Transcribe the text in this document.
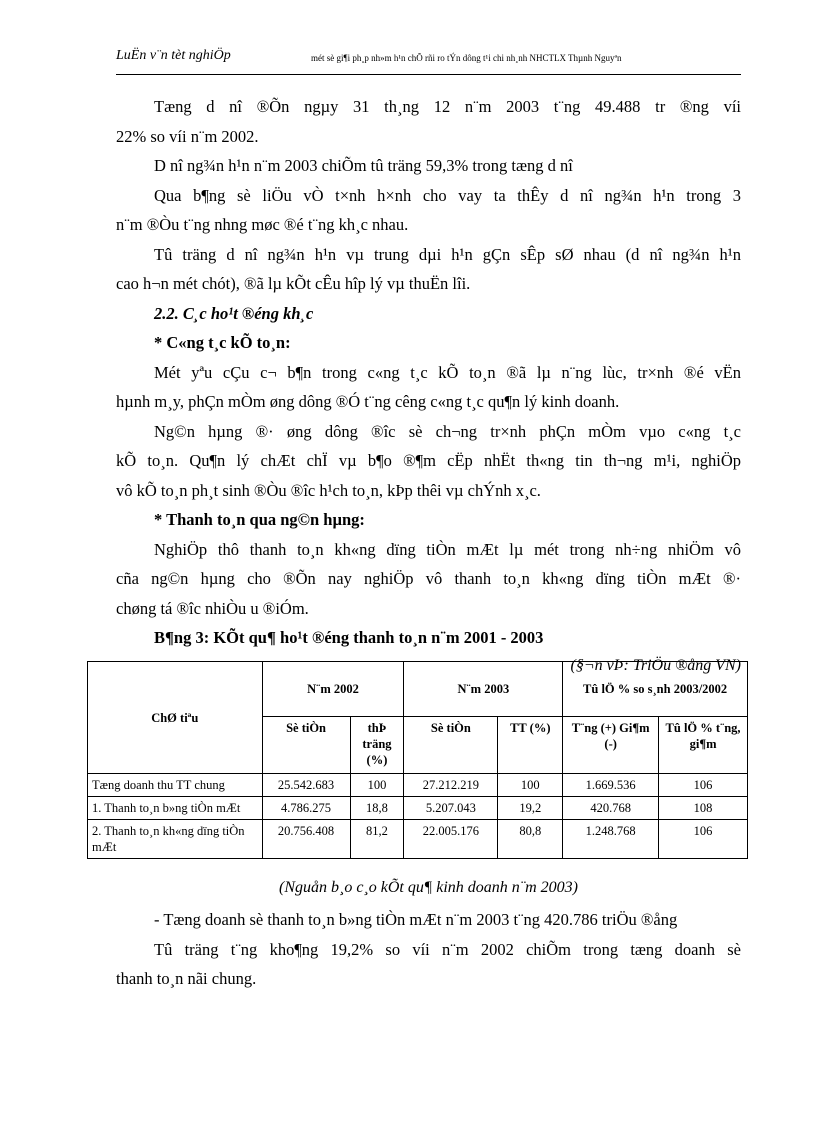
LuËn v¨n tèt nghiÖp	mét sè gi¶i ph¸p nh»m h¹n chÕ rñi ro tÝn dông t¹i chi nh¸nh NHCTLX Thµnh Nguyªn

Tæng d nî ®Õn ngµy 31 th¸ng 12 n¨m 2003 t¨ng 49.488 tr ®ng víi

22% so víi n¨m 2002.

D nî ng¾n h¹n n¨m 2003 chiÕm tû träng 59,3% trong tæng d nî

Qua b¶ng sè liÖu vÒ t×nh h×nh cho vay ta thÊy d nî ng¾n h¹n trong 3

n¨m ®Òu t¨ng nhng møc ®é t¨ng kh¸c nhau.

Tû träng d nî ng¾n h¹n vµ trung dµi h¹n gÇn sÊp sØ nhau (d nî ng¾n h¹n

cao h¬n mét chót), ®ã lµ kÕt cÊu hîp lý vµ thuËn lîi.

2.2. C¸c ho¹t ®éng kh¸c

* C«ng t¸c kÕ to¸n:

Mét yªu cÇu c¬ b¶n trong c«ng t¸c kÕ to¸n ®ã lµ n¨ng lùc, tr×nh ®é vËn

hµnh m¸y, phÇn mÒm øng dông ®Ó t¨ng cêng c«ng t¸c qu¶n lý kinh doanh.

Ng©n hµng ®· øng dông ®îc sè ch¬ng tr×nh phÇn mÒm vµo c«ng t¸c

kÕ to¸n. Qu¶n lý chÆt chÏ vµ b¶o ®¶m cËp nhËt th«ng tin th¬ng m¹i, nghiÖp

vô kÕ to¸n ph¸t sinh ®Òu ®îc h¹ch to¸n, kÞp thêi vµ chÝnh x¸c.

* Thanh to¸n qua ng©n hµng:

NghiÖp thô thanh to¸n kh«ng dïng tiÒn mÆt lµ mét trong nh÷ng nhiÖm vô

cña ng©n hµng cho ®Õn nay nghiÖp vô thanh to¸n kh«ng dïng tiÒn mÆt ®·

chøng tá ®îc nhiÒu u ®iÓm.

B¶ng 3: KÕt qu¶ ho¹t ®éng thanh to¸n n¨m 2001 - 2003

(§¬n vÞ: TriÖu ®ång VN)

ChØ tiªu	N¨m 2002		N¨m 2003		Tû lÖ % so s¸nh 2003/2002	
	Sè tiÒn	thÞ träng (%)	Sè tiÒn	TT (%)	T¨ng (+) Gi¶m (-)	Tû lÖ % t¨ng, gi¶m
Tæng doanh thu TT chung	25.542.683	100	27.212.219	100	1.669.536	106
1. Thanh to¸n b»ng tiÒn mÆt	4.786.275	18,8	5.207.043	19,2	420.768	108
2. Thanh to¸n kh«ng dïng tiÒn mÆt	20.756.408	81,2	22.005.176	80,8	1.248.768	106

(Nguån b¸o c¸o kÕt qu¶ kinh doanh n¨m 2003)

- Tæng doanh sè thanh to¸n b»ng tiÒn mÆt n¨m 2003 t¨ng 420.786 triÖu ®ång

Tû träng t¨ng kho¶ng 19,2% so víi n¨m 2002 chiÕm trong tæng doanh sè

thanh to¸n nãi chung.
